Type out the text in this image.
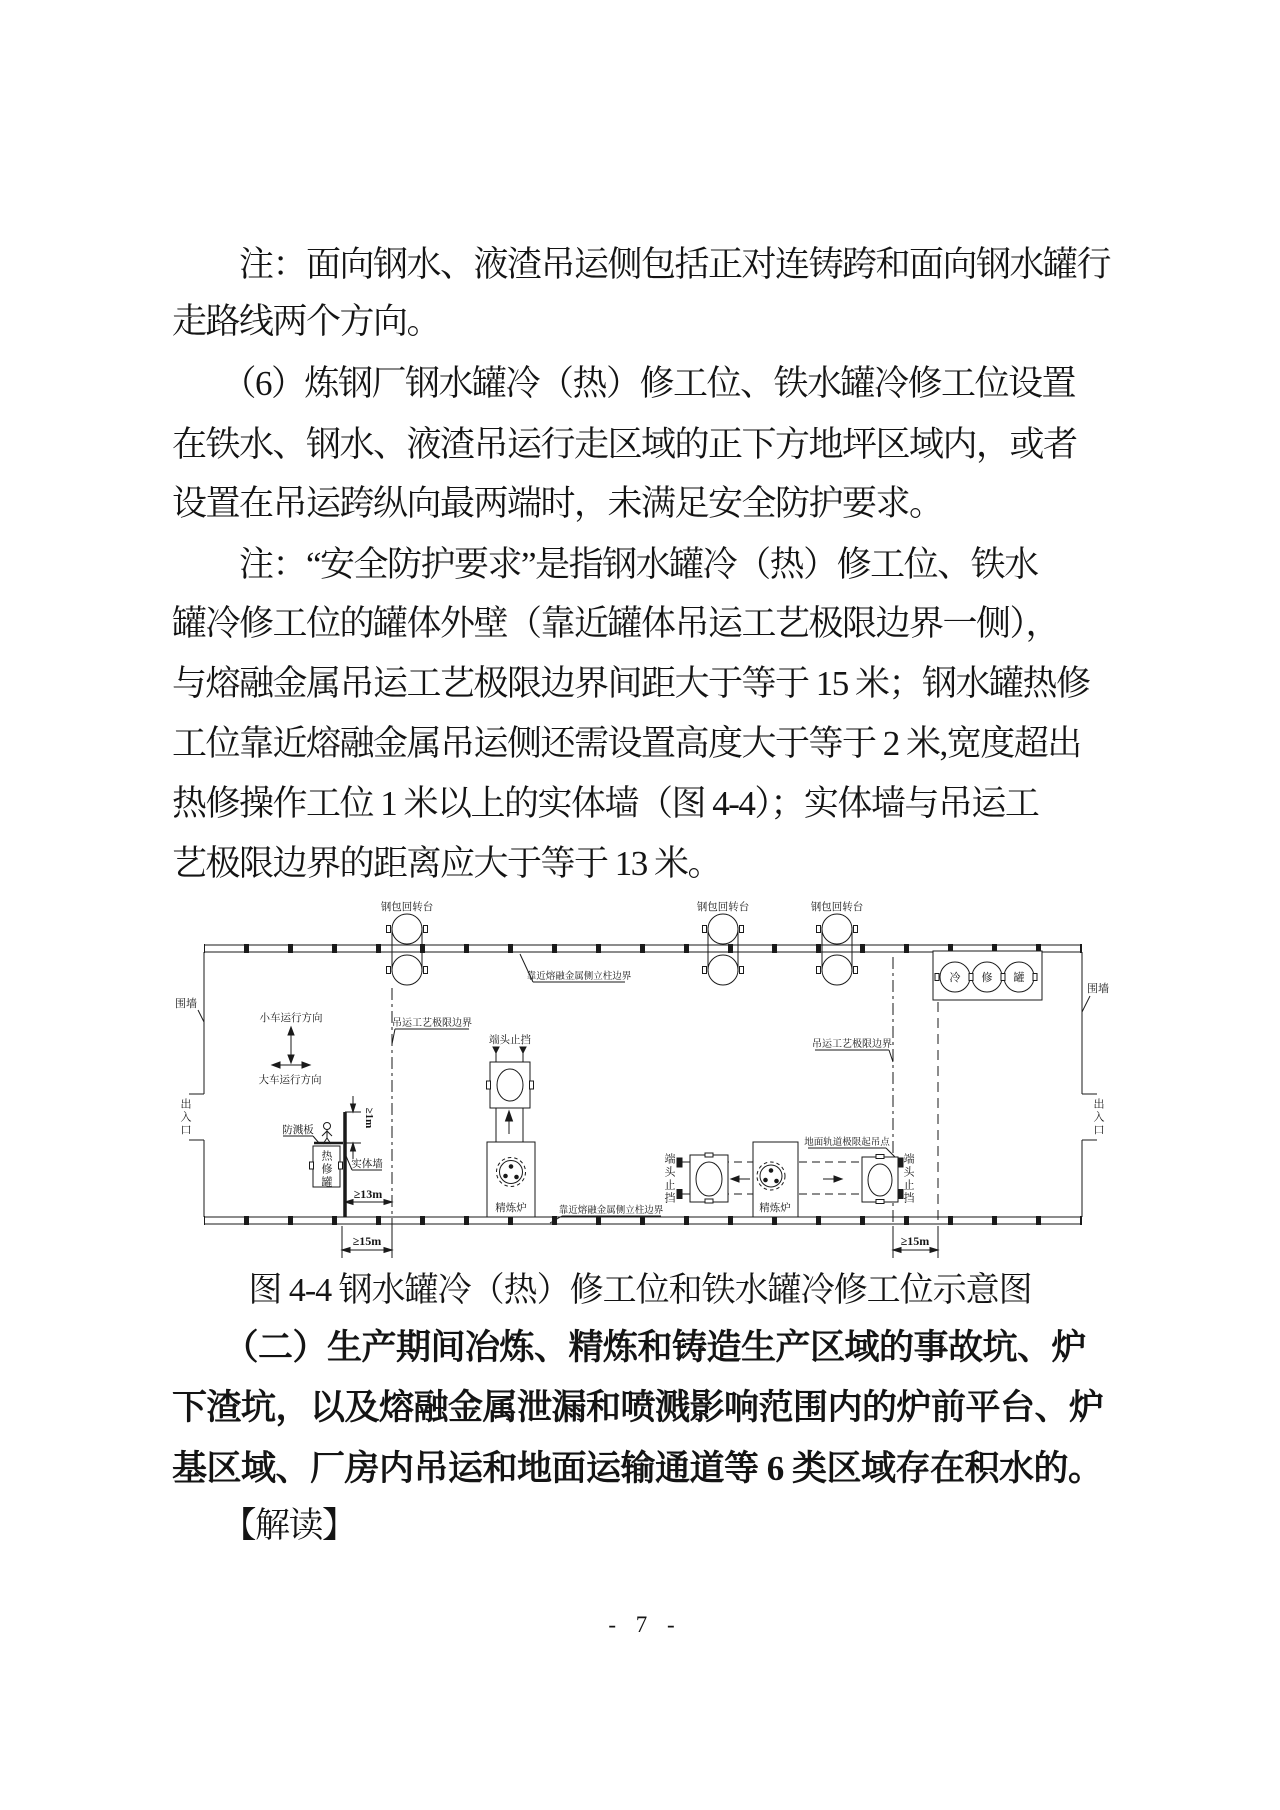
　　注：面向钢水、液渣吊运侧包括正对连铸跨和面向钢水罐行
走路线两个方向。
　　（6）炼钢厂钢水罐冷（热）修工位、铁水罐冷修工位设置
在铁水、钢水、液渣吊运行走区域的正下方地坪区域内，或者
设置在吊运跨纵向最两端时，未满足安全防护要求。
　　注：“安全防护要求”是指钢水罐冷（热）修工位、铁水
罐冷修工位的罐体外壁（靠近罐体吊运工艺极限边界一侧），
与熔融金属吊运工艺极限边界间距大于等于 15 米；钢水罐热修
工位靠近熔融金属吊运侧还需设置高度大于等于 2 米,宽度超出
热修操作工位 1 米以上的实体墙（图 4-4）；实体墙与吊运工
艺极限边界的距离应大于等于 13 米。
钢包回转台	钢包回转台	钢包回转台
吊运工艺极限边界
吊运工艺极限边界
靠近熔融金属侧立柱边界
靠近熔融金属侧立柱边界
端头止挡
地面轨道极限起吊点
防溅板
实体墙
精炼炉	精炼炉
小车运行方向
大车运行方向
冷 修 罐
≥13m
≥15m	≥15m
≥1m
围墙
围墙
出入口	出入口
热修罐	端头止挡	端头止挡
图 4-4 钢水罐冷（热）修工位和铁水罐冷修工位示意图
　　（二）生产期间冶炼、精炼和铸造生产区域的事故坑、炉
下渣坑，以及熔融金属泄漏和喷溅影响范围内的炉前平台、炉
基区域、厂房内吊运和地面运输通道等 6 类区域存在积水的。
　　【解读】
- 7 -
